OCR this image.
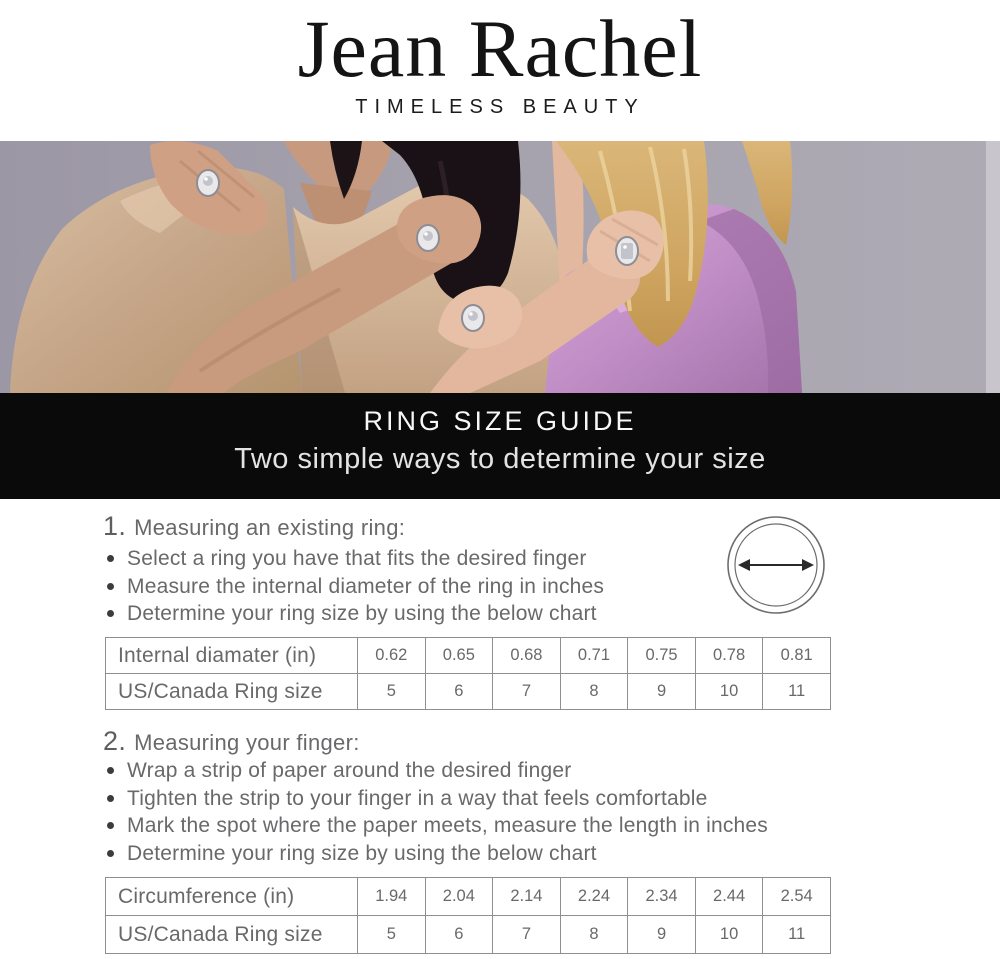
Jean Rachel
TIMELESS BEAUTY
RING SIZE GUIDE
Two simple ways to determine your size
1. Measuring an existing ring:
Select a ring you have that fits the desired finger
Measure the internal diameter of the ring in inches
Determine your ring size by using the below chart
Internal diamater (in)	0.62	0.65	0.68	0.71	0.75	0.78	0.81
US/Canada Ring size	5	6	7	8	9	10	11
2. Measuring your finger:
Wrap a strip of paper around the desired finger
Tighten the strip to your finger in a way that feels comfortable
Mark the spot where the paper meets, measure the length in inches
Determine your ring size by using the below chart
Circumference (in)	1.94	2.04	2.14	2.24	2.34	2.44	2.54
US/Canada Ring size	5	6	7	8	9	10	11
